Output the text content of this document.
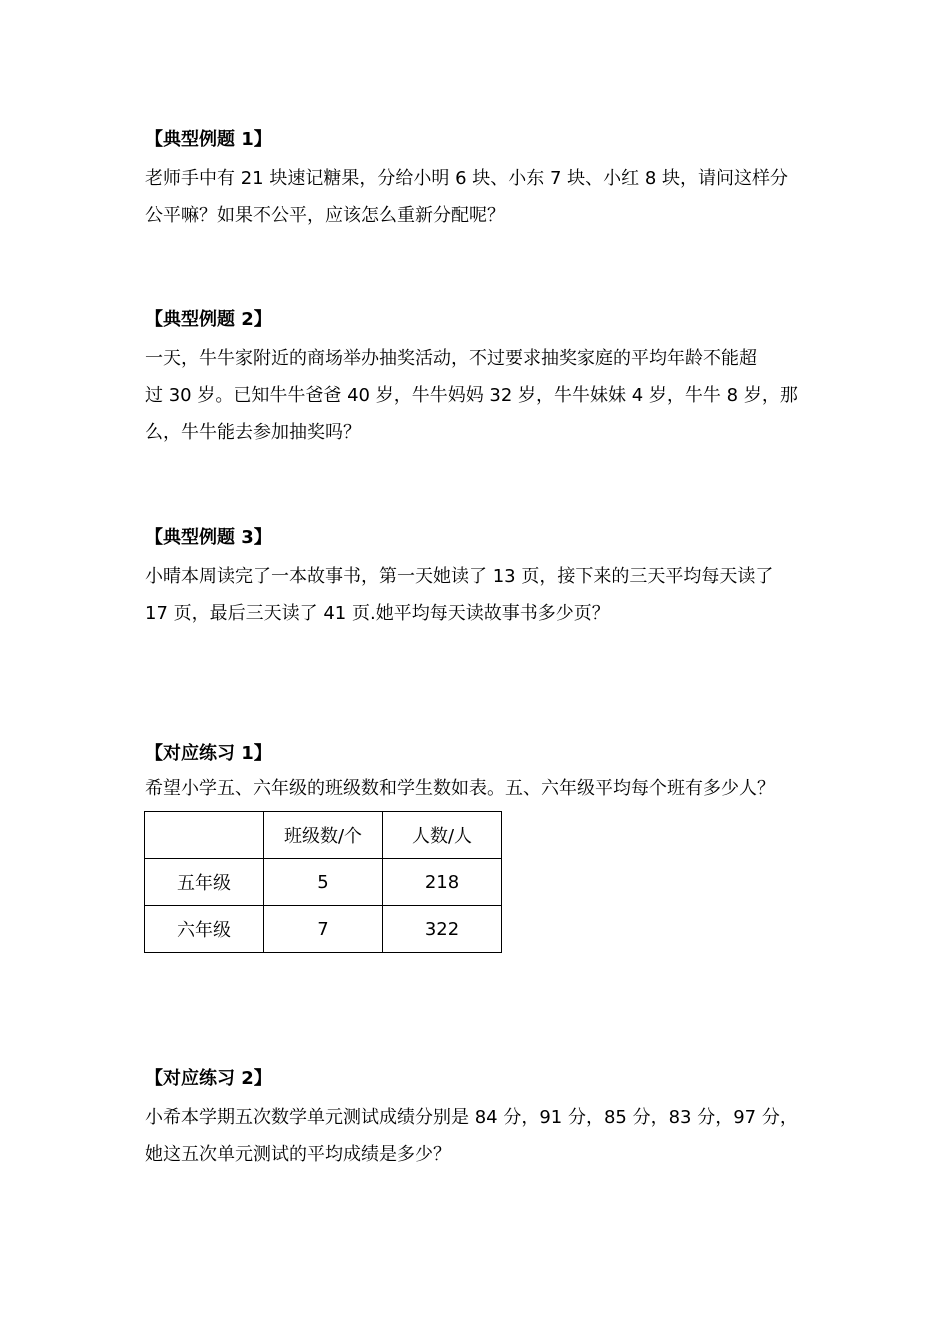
【典型例题 1】
老师手中有 21 块速记糖果，分给小明 6 块、小东 7 块、小红 8 块，请问这样分
公平嘛？如果不公平，应该怎么重新分配呢？
【典型例题 2】
一天，牛牛家附近的商场举办抽奖活动，不过要求抽奖家庭的平均年龄不能超
过 30 岁。已知牛牛爸爸 40 岁，牛牛妈妈 32 岁，牛牛妹妹 4 岁，牛牛 8 岁，那
么，牛牛能去参加抽奖吗？
【典型例题 3】
小晴本周读完了一本故事书，第一天她读了 13 页，接下来的三天平均每天读了
17 页，最后三天读了 41 页.她平均每天读故事书多少页？
【对应练习 1】
希望小学五、六年级的班级数和学生数如表。五、六年级平均每个班有多少人？
	班级数/个	人数/人
五年级	5	218
六年级	7	322
【对应练习 2】
小希本学期五次数学单元测试成绩分别是 84 分，91 分，85 分，83 分，97 分，
她这五次单元测试的平均成绩是多少？
